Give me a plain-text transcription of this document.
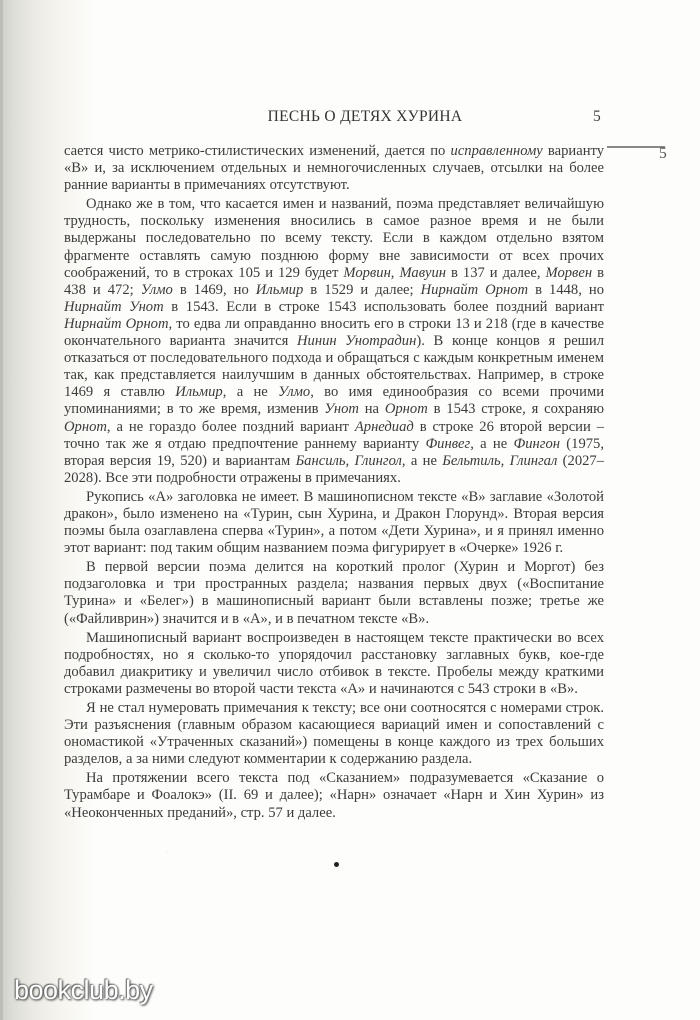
ПЕСНЬ О ДЕТЯХ ХУРИНА	5
5
·

сается чисто метрико-стилистических изменений, дается по исправленному варианту «В» и, за исключением отдельных и немногочисленных случаев, отсылки на более ранние варианты в примечаниях отсутствуют.

Однако же в том, что касается имен и названий, поэма представляет величайшую трудность, поскольку изменения вносились в самое разное время и не были выдержаны последовательно по всему тексту. Если в каждом отдельно взятом фрагменте оставлять самую позднюю форму вне зависимости от всех прочих соображений, то в строках 105 и 129 будет Морвин, Мавуин в 137 и далее, Морвен в 438 и 472; Улмо в 1469, но Ильмир в 1529 и далее; Нирнайт Орнот в 1448, но Нирнайт Унот в 1543. Если в строке 1543 использовать более поздний вариант Нирнайт Орнот, то едва ли оправданно вносить его в строки 13 и 218 (где в качестве окончательного варианта значится Нинин Унотрадин). В конце концов я решил отказаться от последовательного подхода и обращаться с каждым конкретным именем так, как представляется наилучшим в данных обстоятельствах. Например, в строке 1469 я ставлю Ильмир, а не Улмо, во имя единообразия со всеми прочими упоминаниями; в то же время, изменив Унот на Орнот в 1543 строке, я сохраняю Орнот, а не гораздо более поздний вариант Арнедиад в строке 26 второй версии – точно так же я отдаю предпочтение раннему варианту Финвег, а не Фингон (1975, вторая версия 19, 520) и вариантам Бансиль, Глингол, а не Бельтиль, Глингал (2027–2028). Все эти подробности отражены в примечаниях.

Рукопись «А» заголовка не имеет. В машинописном тексте «В» заглавие «Золотой дракон», было изменено на «Турин, сын Хурина, и Дракон Глорунд». Вторая версия поэмы была озаглавлена сперва «Турин», а потом «Дети Хурина», и я принял именно этот вариант: под таким общим названием поэма фигурирует в «Очерке» 1926 г.

В первой версии поэма делится на короткий пролог (Хурин и Моргот) без подзаголовка и три пространных раздела; названия первых двух («Воспитание Турина» и «Белег») в машинописный вариант были вставлены позже; третье же («Файливрин») значится и в «А», и в печатном тексте «В».

Машинописный вариант воспроизведен в настоящем тексте практически во всех подробностях, но я сколько-то упорядочил расстановку заглавных букв, кое-где добавил диакритику и увеличил число отбивок в тексте. Пробелы между краткими строками размечены во второй части текста «А» и начинаются с 543 строки в «В».

Я не стал нумеровать примечания к тексту; все они соотносятся с номерами строк. Эти разъяснения (главным образом касающиеся вариаций имен и сопоставлений с ономастикой «Утраченных сказаний») помещены в конце каждого из трех больших разделов, а за ними следуют комментарии к содержанию раздела.

На протяжении всего текста под «Сказанием» подразумевается «Сказание о Турамбаре и Фоалокэ» (II. 69 и далее); «Нарн» означает «Нарн и Хин Хурин» из «Неоконченных преданий», стр. 57 и далее.

bookclub.by
